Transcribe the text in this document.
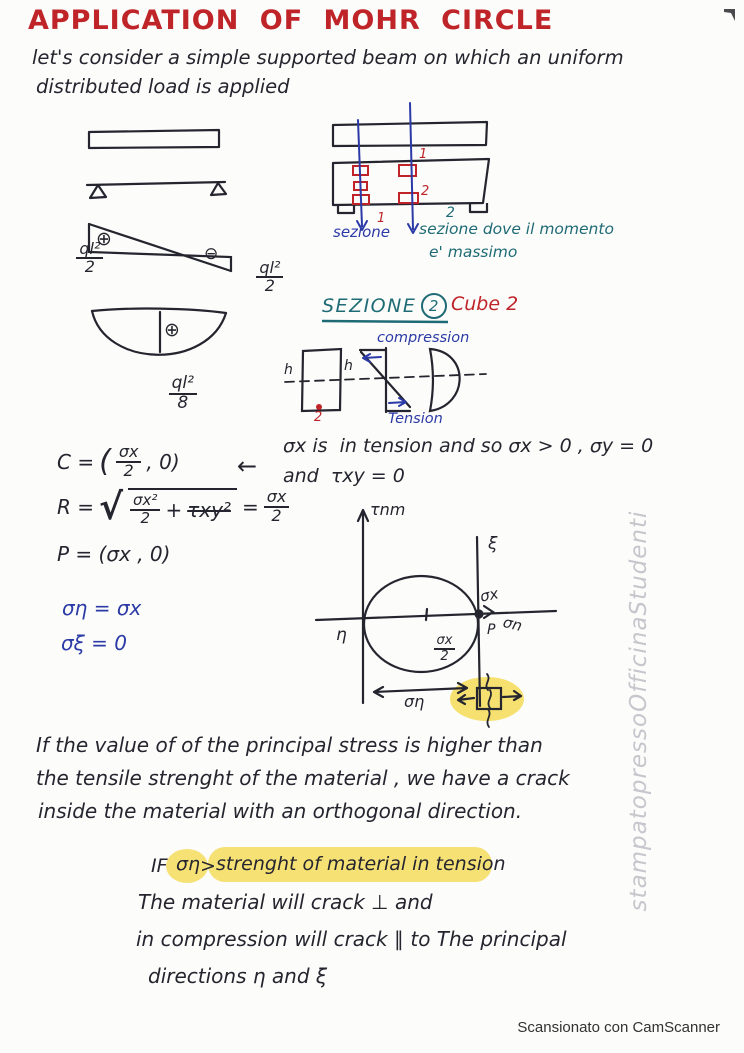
stampatopressoOfficinaStudenti
APPLICATION OF MOHR CIRCLE
let's consider a simple supported beam on which an uniform
distributed load is applied

$\frac{\text{ql²}}{2}$

⊕
⊖

$\frac{\text{ql²}}{2}$

⊕

$\frac{\text{ql²}}{8}$

1
2
sezione
1	2
sezione dove il momento
e' massimo
SEZIONE 2 Cube 2
compression
Tension
h	h
2
σx is  in tension and so σx > 0 , σy = 0
and  τxy = 0
C = ( $\frac{\sigma x}{2}$ , 0) ←
R = √ $\frac{\text{σx²}}{2} + \tau xy^2 = \frac{\sigma x}{2}$
P = (σx , 0)
ση = σx
σξ = 0
τnm
ξ
σx
σn
P
η

	$\frac{\sigma x}{2}$

ση
If the value of of the principal stress is higher than
the tensile strenght of the material , we have a crack
inside the material with an orthogonal direction.
IF ση > strenght of material in tension
The material will crack ⊥ and
in compression will crack ∥ to The principal
directions η and ξ
Scansionato con CamScanner
